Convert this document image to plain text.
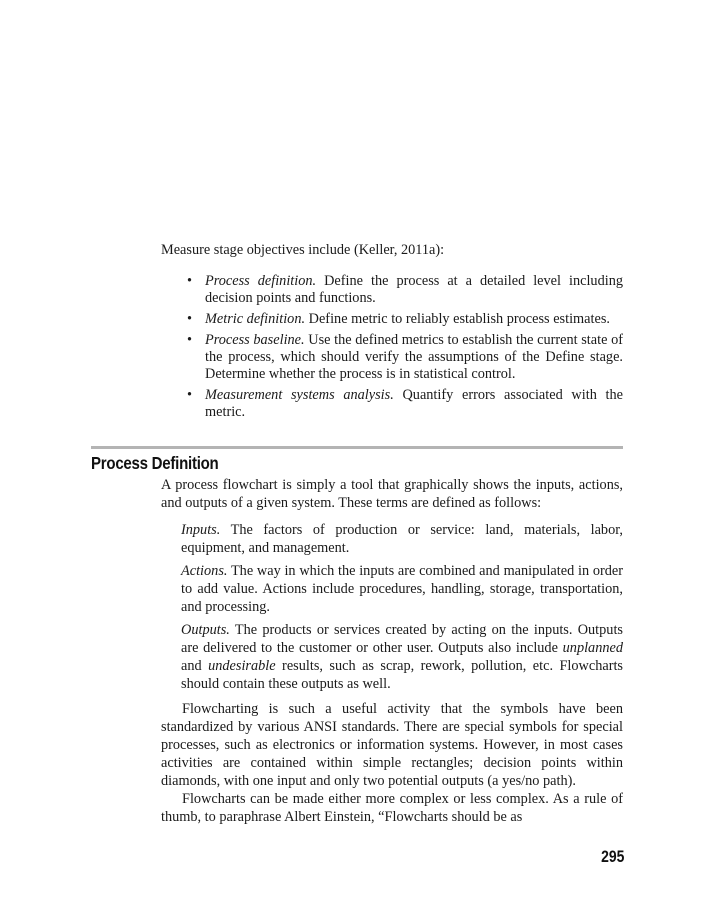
Measure stage objectives include (Keller, 2011a):

• Process definition. Define the process at a detailed level including decision points and functions.
• Metric definition. Define metric to reliably establish process estimates.
• Process baseline. Use the defined metrics to establish the current state of the process, which should verify the assumptions of the Define stage. Determine whether the process is in statistical control.
• Measurement systems analysis. Quantify errors associated with the metric.
Process Definition

A process flowchart is simply a tool that graphically shows the inputs, actions, and outputs of a given system. These terms are defined as follows:

Inputs. The factors of production or service: land, materials, labor, equipment, and management.

Actions. The way in which the inputs are combined and manipulated in order to add value. Actions include procedures, handling, storage, transportation, and processing.

Outputs. The products or services created by acting on the inputs. Outputs are delivered to the customer or other user. Outputs also include unplanned and undesirable results, such as scrap, rework, pollution, etc. Flowcharts should contain these outputs as well.

Flowcharting is such a useful activity that the symbols have been standardized by various ANSI standards. There are special symbols for special processes, such as electronics or information systems. However, in most cases activities are contained within simple rectangles; decision points within diamonds, with one input and only two potential outputs (a yes/no path).

Flowcharts can be made either more complex or less complex. As a rule of thumb, to paraphrase Albert Einstein, “Flowcharts should be as

295
